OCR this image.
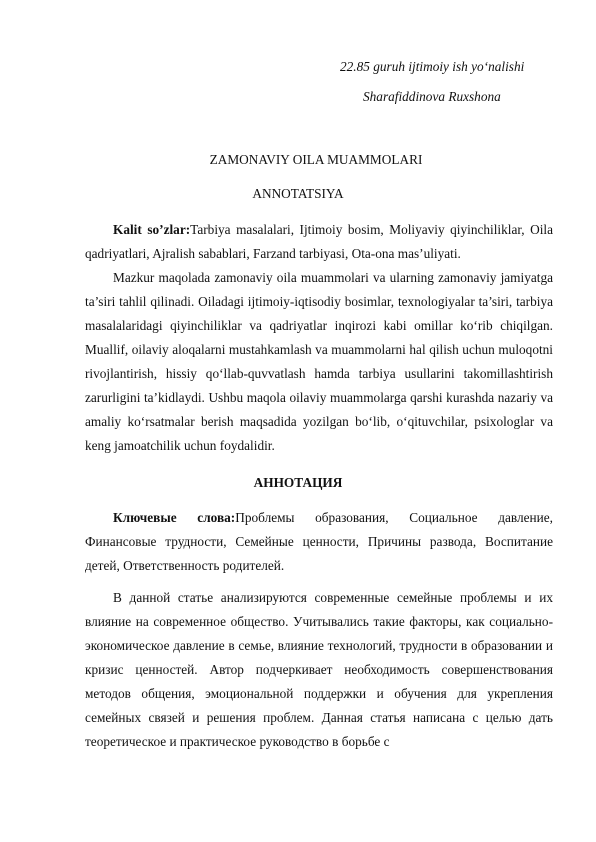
22.85 guruh ijtimoiy ish yo‘nalishi
Sharafiddinova Ruxshona
ZAMONAVIY OILA MUAMMOLARI
ANNOTATSIYA

Kalit so’zlar:Tarbiya masalalari, Ijtimoiy bosim, Moliyaviy qiyinchiliklar, Oila qadriyatlari, Ajralish sabablari, Farzand tarbiyasi, Ota-ona mas’uliyati.

Mazkur maqolada zamonaviy oila muammolari va ularning zamonaviy jamiyatga ta’siri tahlil qilinadi. Oiladagi ijtimoiy-iqtisodiy bosimlar, texnologiyalar ta’siri, tarbiya masalalaridagi qiyinchiliklar va qadriyatlar inqirozi kabi omillar ko‘rib chiqilgan. Muallif, oilaviy aloqalarni mustahkamlash va muammolarni hal qilish uchun muloqotni rivojlantirish, hissiy qo‘llab-quvvatlash hamda tarbiya usullarini takomillashtirish zarurligini ta’kidlaydi. Ushbu maqola oilaviy muammolarga qarshi kurashda nazariy va amaliy ko‘rsatmalar berish maqsadida yozilgan bo‘lib, o‘qituvchilar, psixologlar va keng jamoatchilik uchun foydalidir.

АННОТАЦИЯ

Ключевые слова:Проблемы образования, Социальное давление, Финансовые трудности, Семейные ценности, Причины развода, Воспитание детей, Ответственность родителей.

В данной статье анализируются современные семейные проблемы и их влияние на современное общество. Учитывались такие факторы, как социально-экономическое давление в семье, влияние технологий, трудности в образовании и кризис ценностей. Автор подчеркивает необходимость совершенствования методов общения, эмоциональной поддержки и обучения для укрепления семейных связей и решения проблем. Данная статья написана с целью дать теоретическое и практическое руководство в борьбе с
